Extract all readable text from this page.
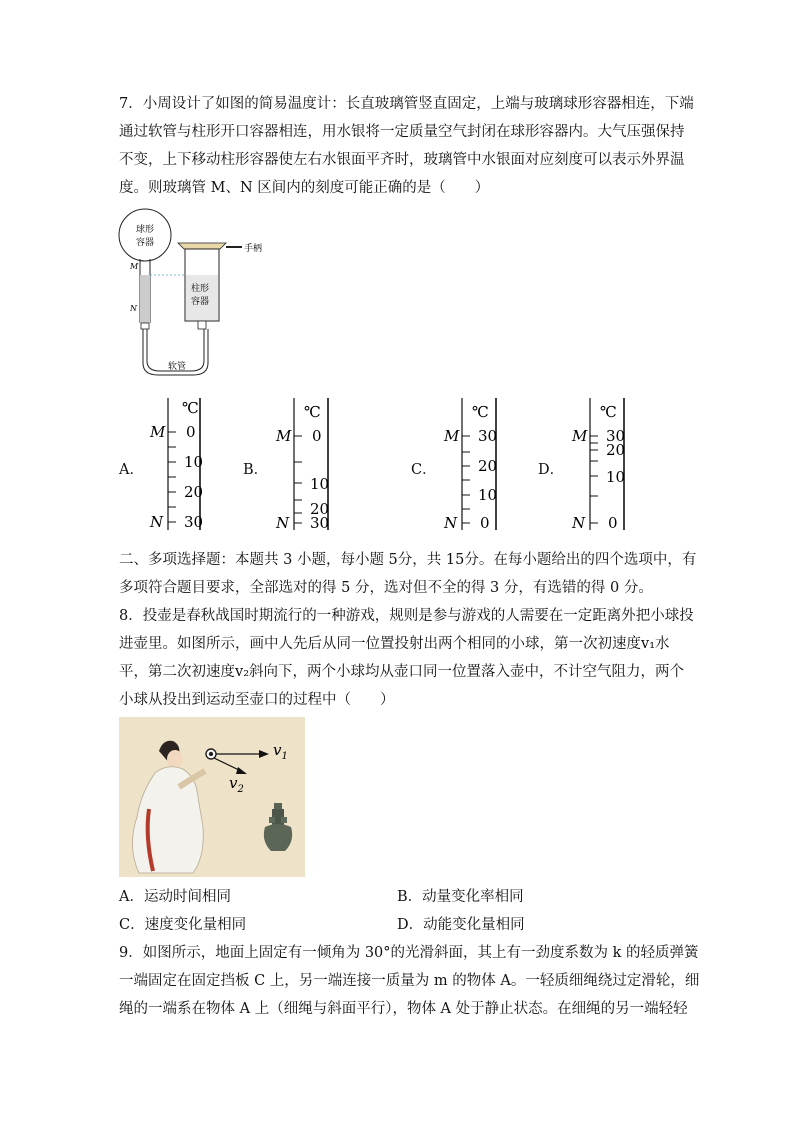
7．小周设计了如图的简易温度计：长直玻璃管竖直固定，上端与玻璃球形容器相连，下端
通过软管与柱形开口容器相连，用水银将一定质量空气封闭在球形容器内。大气压强保持
不变，上下移动柱形容器使左右水银面平齐时，玻璃管中水银面对应刻度可以表示外界温
度。则玻璃管 M、N 区间内的刻度可能正确的是（　　）
球形
容器
M
N
软管
手柄
柱形
容器
A．
℃
M 0
10
20
30
N
B．
℃
M 0
10
20
30
N
C．
℃
M 30
20
10
0
N
D．
℃
M 30
20
10
0
N
二、多项选择题：本题共 3 小题，每小题 5分，共 15分。在每小题给出的四个选项中，有
多项符合题目要求，全部选对的得 5 分，选对但不全的得 3 分，有选错的得 0 分。
8．投壶是春秋战国时期流行的一种游戏，规则是参与游戏的人需要在一定距离外把小球投
进壶里。如图所示，画中人先后从同一位置投射出两个相同的小球，第一次初速度v₁水
平，第二次初速度v₂斜向下，两个小球均从壶口同一位置落入壶中，不计空气阻力，两个
小球从投出到运动至壶口的过程中（　　）
$v_1$
$v_2$
A．运动时间相同	B．动量变化率相同
C．速度变化量相同	D．动能变化量相同
9．如图所示，地面上固定有一倾角为 30°的光滑斜面，其上有一劲度系数为 k 的轻质弹簧
一端固定在固定挡板 C 上，另一端连接一质量为 m 的物体 A。一轻质细绳绕过定滑轮，细
绳的一端系在物体 A 上（细绳与斜面平行），物体 A 处于静止状态。在细绳的另一端轻轻
